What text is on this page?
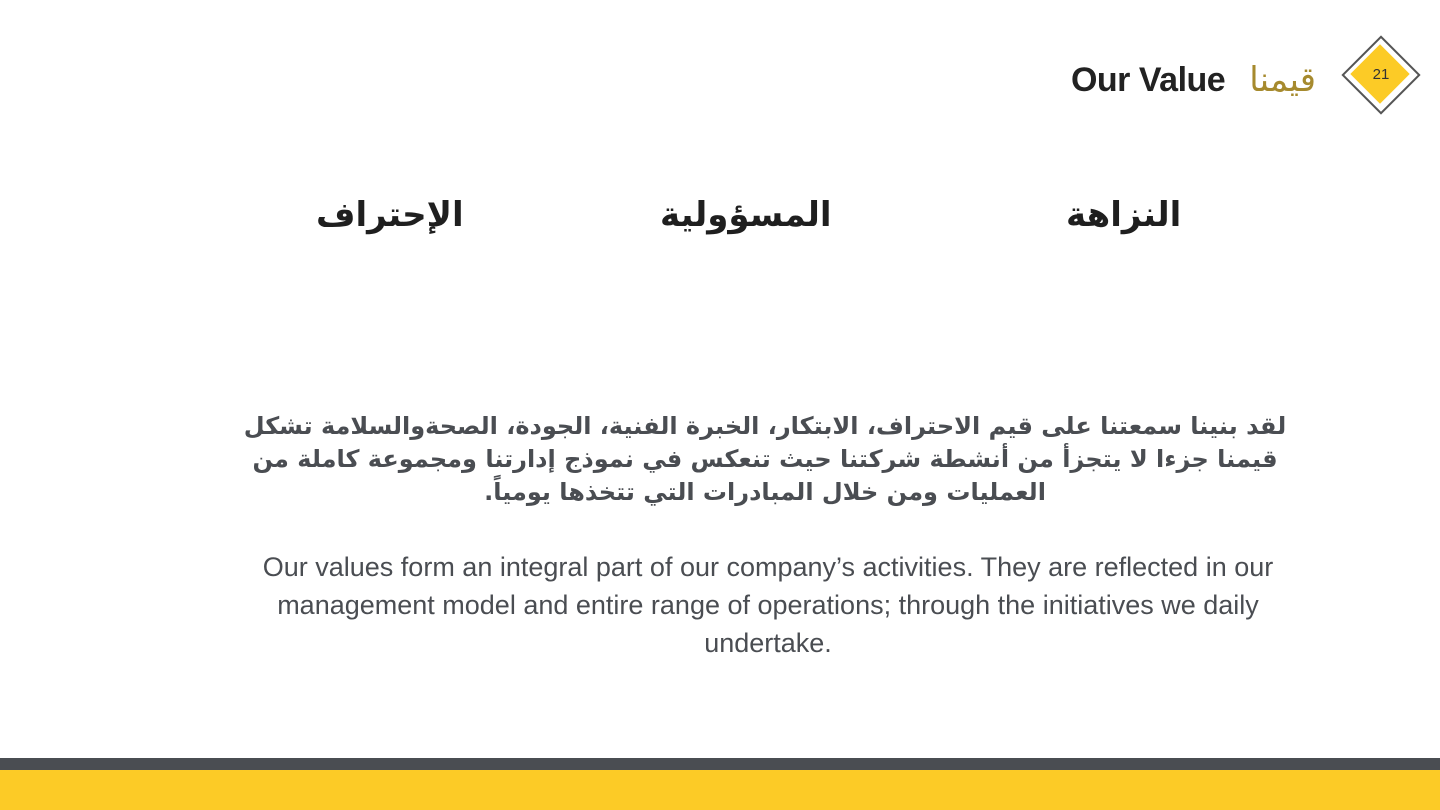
Our Value قيمنا	21
النزاهة
المسؤولية
الإحتراف

لقد بنينا سمعتنا على قيم الاحتراف، الابتكار، الخبرة الفنية، الجودة، الصحةوالسلامة تشكل قيمنا جزءا لا يتجزأ من أنشطة شركتنا حيث تنعكس في نموذج إدارتنا ومجموعة كاملة من العمليات ومن خلال المبادرات التي تتخذها يومياً.

Our values form an integral part of our company’s activities. They are reflected in our management model and entire range of operations; through the initiatives we daily undertake.
